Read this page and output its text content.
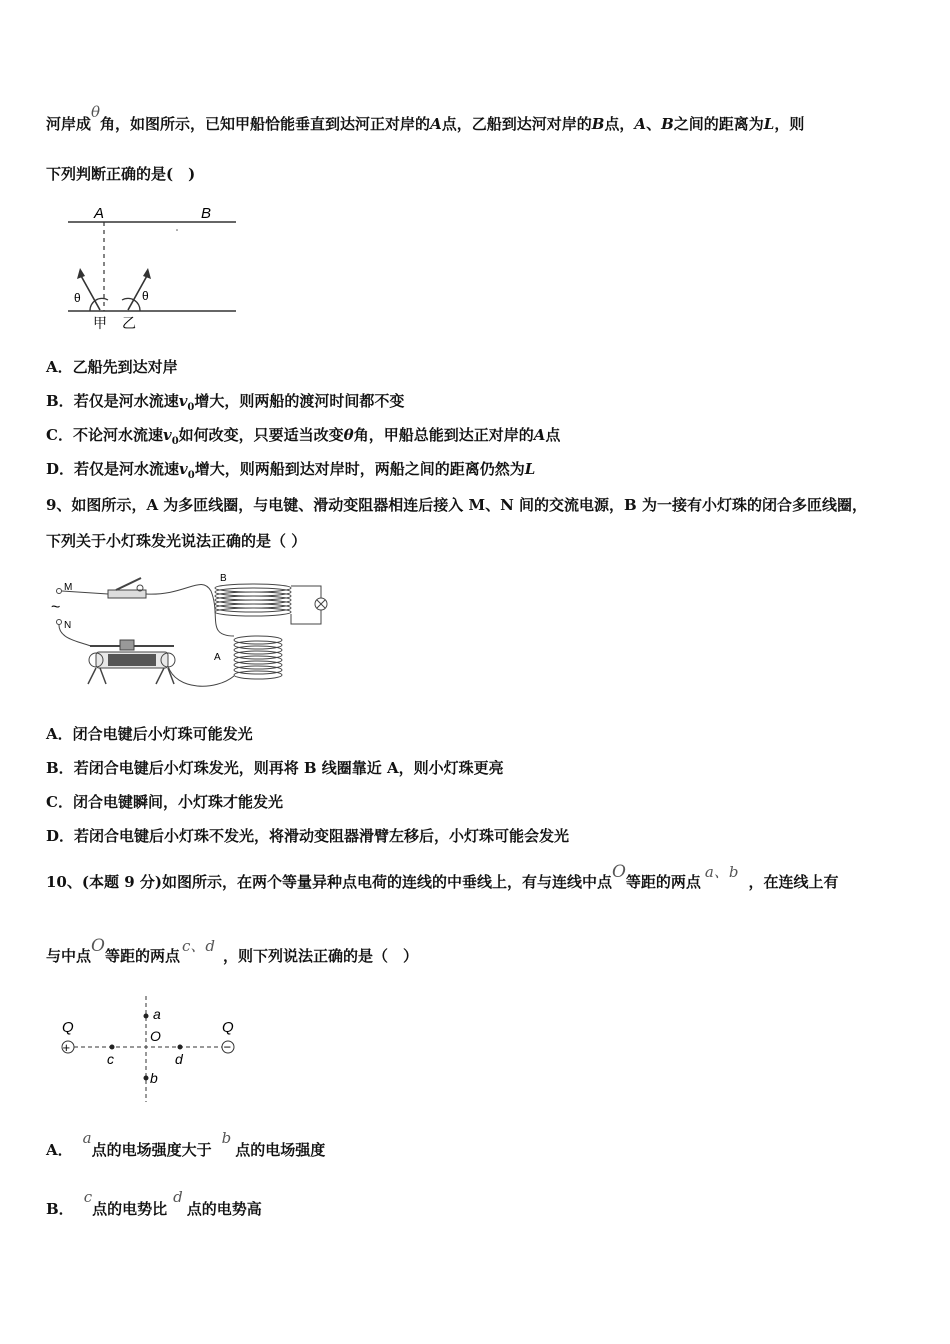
河岸成θ角，如图所示，已知甲船恰能垂直到达河正对岸的A点，乙船到达河对岸的B点，A、B之间的距离为L，则
下列判断正确的是(　)
A	B
θ	θ
甲 乙
A．乙船先到达对岸
B．若仅是河水流速$v_0$增大，则两船的渡河时间都不变
C．不论河水流速$v_0$如何改变，只要适当改变θ角，甲船总能到达正对岸的A点
D．若仅是河水流速$v_0$增大，则两船到达对岸时，两船之间的距离仍然为L
9、如图所示，A 为多匝线圈，与电键、滑动变阻器相连后接入 M、N 间的交流电源，B 为一接有小灯珠的闭合多匝线圈，
下列关于小灯珠发光说法正确的是（ ）
M
~
N
B
A
A．闭合电键后小灯珠可能发光
B．若闭合电键后小灯珠发光，则再将 B 线圈靠近 A，则小灯珠更亮
C．闭合电键瞬间，小灯珠才能发光
D．若闭合电键后小灯珠不发光，将滑动变阻器滑臂左移后，小灯珠可能会发光
10、(本题 9 分)如图所示，在两个等量异种点电荷的连线的中垂线上，有与连线中点O等距的两点a、b，在连线上有
与中点O等距的两点c、d，则下列说法正确的是（　）
+	−
Q	Q
a
b
c	d
O
A．a点的电场强度大于b点的电场强度
B．c点的电势比d点的电势高
